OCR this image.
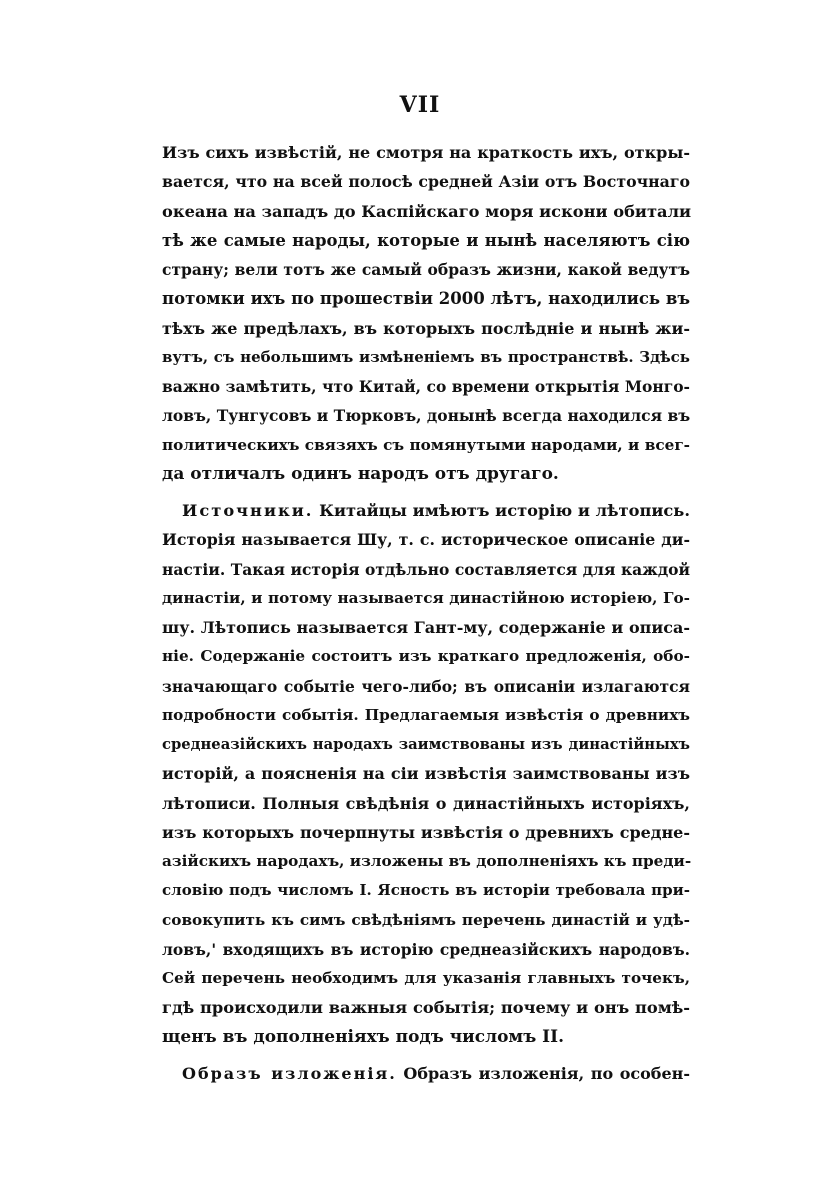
VII
Изъ сихъ извѣстій, не смотря на краткость ихъ, откры-
вается, что на всей полосѣ средней Азіи отъ Восточнаго
океана на западъ до Каспійскаго моря искони обитали
тѣ же самые народы, которые и нынѣ населяютъ сію
страну; вели тотъ же самый образъ жизни, какой ведутъ
потомки ихъ по прошествіи 2000 лѣтъ, находились въ
тѣхъ же предѣлахъ, въ которыхъ послѣдніе и нынѣ жи-
вутъ, съ небольшимъ измѣненіемъ въ пространствѣ. Здѣсь
важно замѣтить, что Китай, со времени открытія Монго-
ловъ, Тунгусовъ и Тюрковъ, донынѣ всегда находился въ
политическихъ связяхъ съ помянутыми народами, и всег-
да отличалъ одинъ народъ отъ другаго.
Источники. Китайцы имѣютъ исторію и лѣтопись.
Исторія называется Шу, т. с. историческое описаніе ди-
настіи. Такая исторія отдѣльно составляется для каждой
династіи, и потому называется династійною исторіею, Го-
шу. Лѣтопись называется Гант-му, содержаніе и описа-
ніе. Содержаніе состоитъ изъ краткаго предложенія, обо-
значающаго событіе чего-либо; въ описаніи излагаются
подробности событія. Предлагаемыя извѣстія о древнихъ
среднеазійскихъ народахъ заимствованы изъ династійныхъ
исторій, а поясненія на сіи извѣстія заимствованы изъ
лѣтописи. Полныя свѣдѣнія о династійныхъ исторіяхъ,
изъ которыхъ почерпнуты извѣстія о древнихъ средне-
азійскихъ народахъ, изложены въ дополненіяхъ къ преди-
словію подъ числомъ I. Ясность въ исторіи требовала при-
совокупить къ симъ свѣдѣніямъ перечень династій и удѣ-
ловъ,' входящихъ въ исторію среднеазійскихъ народовъ.
Сей перечень необходимъ для указанія главныхъ точекъ,
гдѣ происходили важныя событія; почему и онъ помѣ-
щенъ въ дополненіяхъ подъ числомъ II.
Образъ изложенія. Образъ изложенія, по особен-
